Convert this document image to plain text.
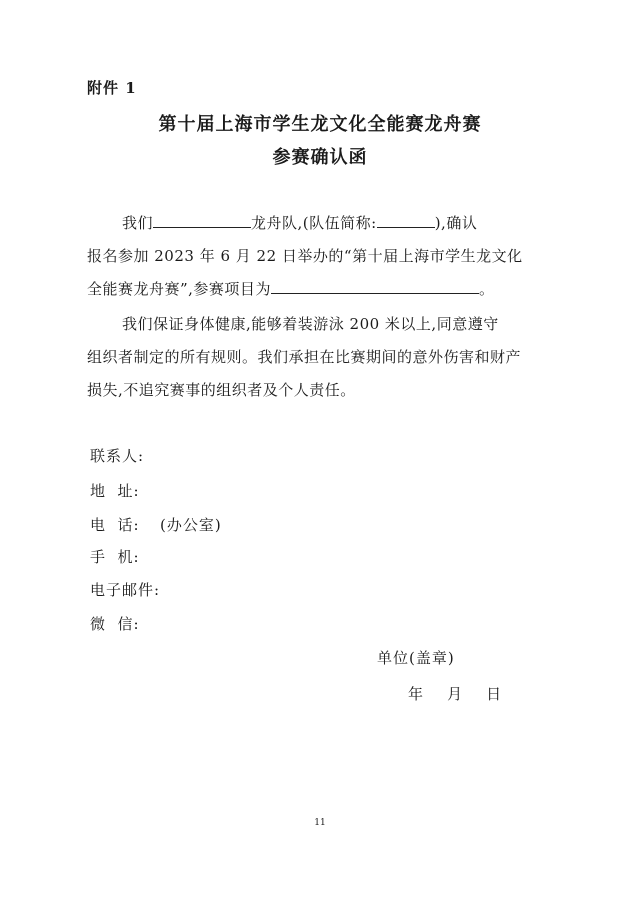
附件 1
第十届上海市学生龙文化全能赛龙舟赛
参赛确认函
我们	龙舟队,(队伍简称:	),确认
报名参加 2023 年 6 月 22 日举办的“第十届上海市学生龙文化
全能赛龙舟赛”,参赛项目为	。
我们保证身体健康,能够着装游泳 200 米以上,同意遵守
组织者制定的所有规则。我们承担在比赛期间的意外伤害和财产
损失,不追究赛事的组织者及个人责任。
联系人:
地  址:
电  话: (办公室)
手  机:
电子邮件:
微  信:
单位(盖章)
年    月    日
11
